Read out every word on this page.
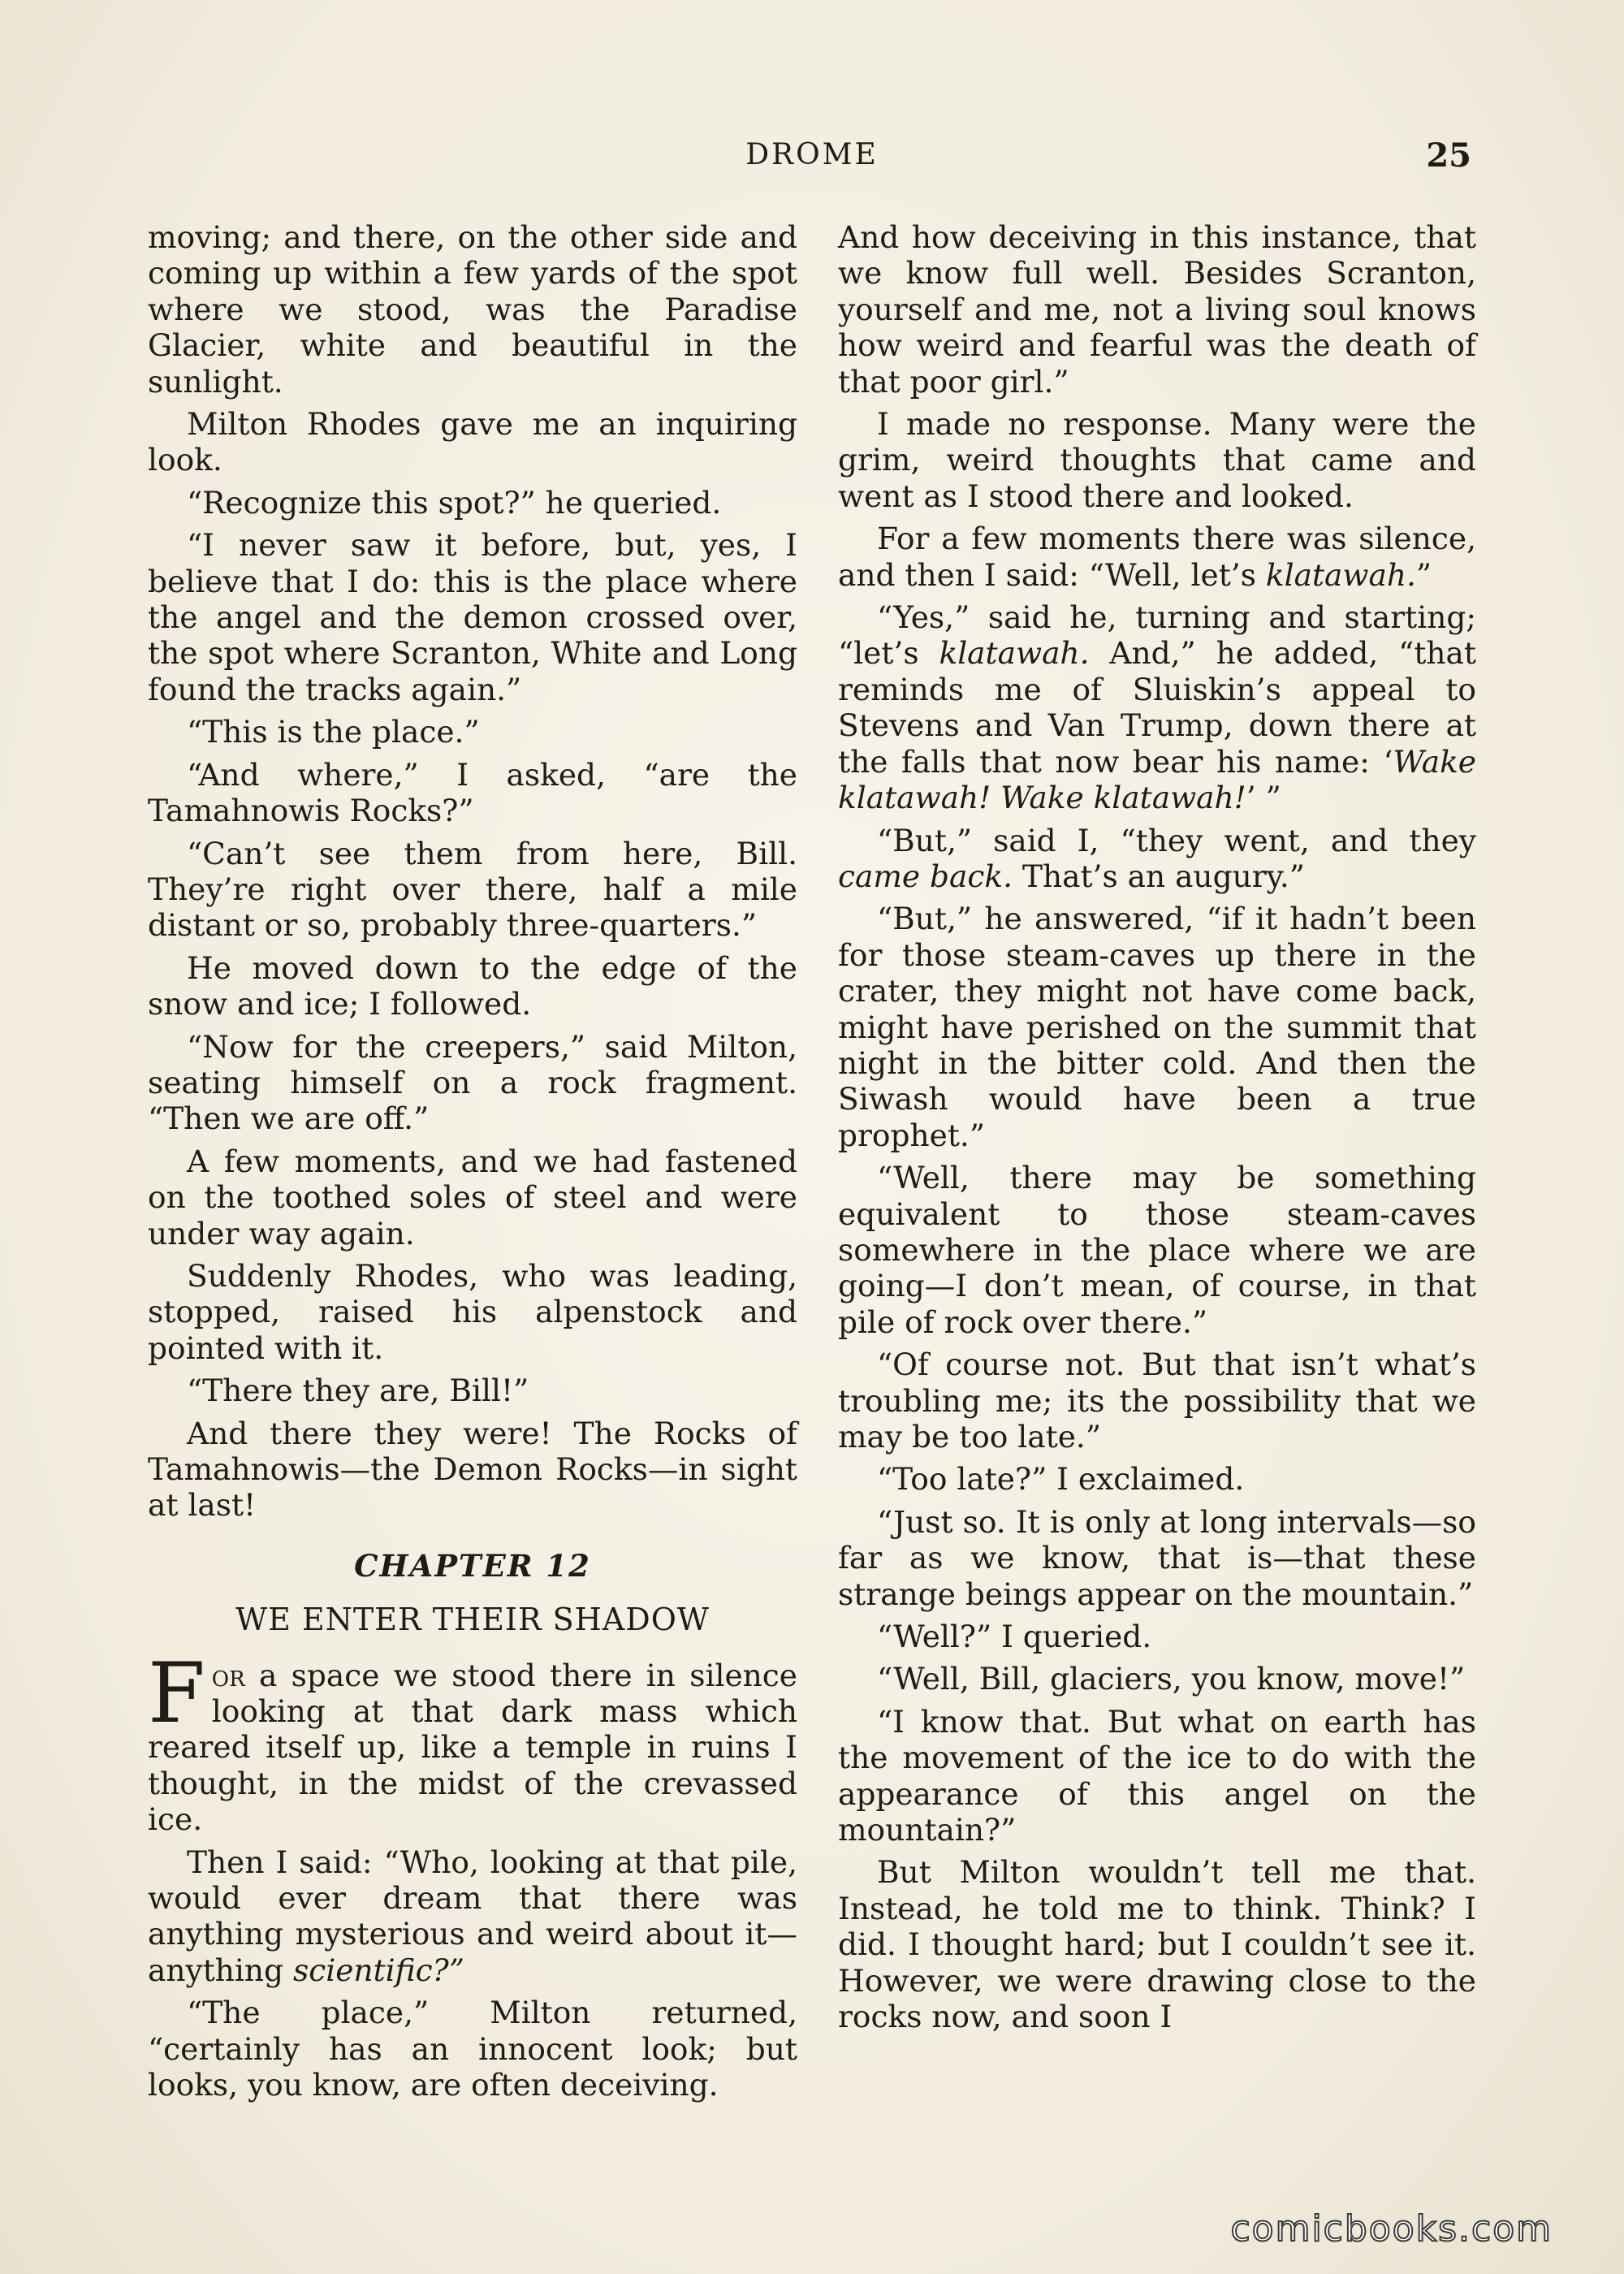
DROME	25

moving; and there, on the other side and coming up within a few yards of the spot where we stood, was the Paradise Glacier, white and beautiful in the sunlight.

Milton Rhodes gave me an inquiring look.

“Recognize this spot?” he queried.

“I never saw it before, but, yes, I believe that I do: this is the place where the angel and the demon crossed over, the spot where Scranton, White and Long found the tracks again.”

“This is the place.”

“And where,” I asked, “are the Tamahnowis Rocks?”

“Can’t see them from here, Bill. They’re right over there, half a mile distant or so, probably three-quarters.”

He moved down to the edge of the snow and ice; I followed.

“Now for the creepers,” said Milton, seating himself on a rock fragment. “Then we are off.”

A few moments, and we had fastened on the toothed soles of steel and were under way again.

Suddenly Rhodes, who was leading, stopped, raised his alpenstock and pointed with it.

“There they are, Bill!”

And there they were! The Rocks of Tamahnowis—the Demon Rocks—in sight at last!

CHAPTER 12
WE ENTER THEIR SHADOW

For a space we stood there in silence looking at that dark mass which reared itself up, like a temple in ruins I thought, in the midst of the crevassed ice.

Then I said: “Who, looking at that pile, would ever dream that there was anything mysterious and weird about it—anything scientific?”

“The place,” Milton returned, “certainly has an innocent look; but looks, you know, are often deceiving.

And how deceiving in this instance, that we know full well. Besides Scranton, yourself and me, not a living soul knows how weird and fearful was the death of that poor girl.”

I made no response. Many were the grim, weird thoughts that came and went as I stood there and looked.

For a few moments there was silence, and then I said: “Well, let’s klatawah.”

“Yes,” said he, turning and starting; “let’s klatawah. And,” he added, “that reminds me of Sluiskin’s appeal to Stevens and Van Trump, down there at the falls that now bear his name: ‘Wake klatawah! Wake klatawah!’ ”

“But,” said I, “they went, and they came back. That’s an augury.”

“But,” he answered, “if it hadn’t been for those steam-caves up there in the crater, they might not have come back, might have perished on the summit that night in the bitter cold. And then the Siwash would have been a true prophet.”

“Well, there may be something equivalent to those steam-caves somewhere in the place where we are going—I don’t mean, of course, in that pile of rock over there.”

“Of course not. But that isn’t what’s troubling me; its the possibility that we may be too late.”

“Too late?” I exclaimed.

“Just so. It is only at long intervals—so far as we know, that is—that these strange beings appear on the mountain.”

“Well?” I queried.

“Well, Bill, glaciers, you know, move!”

“I know that. But what on earth has the movement of the ice to do with the appearance of this angel on the mountain?”

But Milton wouldn’t tell me that. Instead, he told me to think. Think? I did. I thought hard; but I couldn’t see it. However, we were drawing close to the rocks now, and soon I

comicbooks.com
